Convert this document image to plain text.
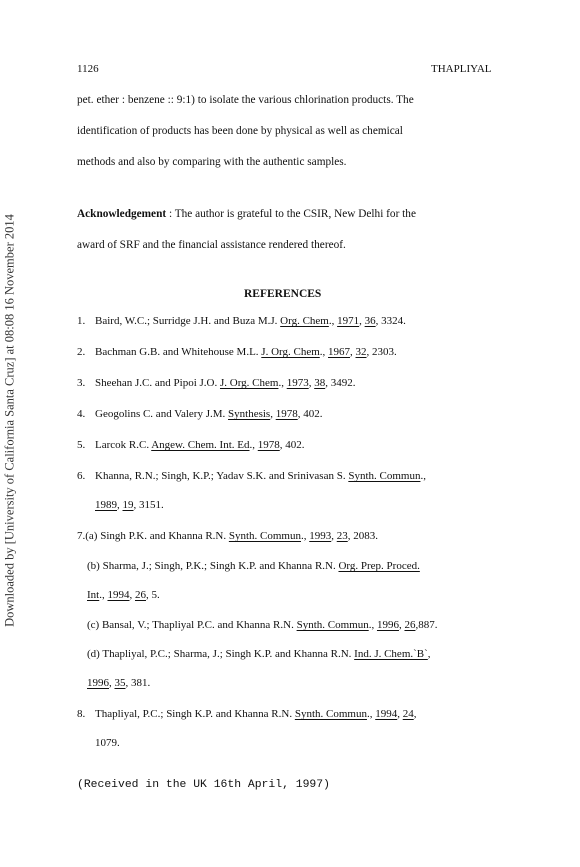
Downloaded by [University of California Santa Cruz] at 08:08 16 November 2014
1126	THAPLIYAL
pet. ether : benzene :: 9:1) to isolate the various chlorination products. The
identification of products has been done by physical as well as chemical
methods and also by comparing with the authentic samples.
Acknowledgement : The author is grateful to the CSIR, New Delhi for the
award of SRF and the financial assistance rendered thereof.
REFERENCES
1. Baird, W.C.; Surridge J.H. and Buza M.J. Org. Chem., 1971, 36, 3324.
2. Bachman G.B. and Whitehouse M.L. J. Org. Chem., 1967, 32, 2303.
3. Sheehan J.C. and Pipoi J.O. J. Org. Chem., 1973, 38, 3492.
4. Geogolins C. and Valery J.M. Synthesis, 1978, 402.
5. Larcok R.C. Angew. Chem. Int. Ed., 1978, 402.
6. Khanna, R.N.; Singh, K.P.; Yadav S.K. and Srinivasan S. Synth. Commun.,
1989, 19, 3151.
7.(a) Singh P.K. and Khanna R.N. Synth. Commun., 1993, 23, 2083.
(b) Sharma, J.; Singh, P.K.; Singh K.P. and Khanna R.N. Org. Prep. Proced.
Int., 1994, 26, 5.
(c) Bansal, V.; Thapliyal P.C. and Khanna R.N. Synth. Commun., 1996, 26,887.
(d) Thapliyal, P.C.; Sharma, J.; Singh K.P. and Khanna R.N. Ind. J. Chem.`B`,
1996, 35, 381.
8. Thapliyal, P.C.; Singh K.P. and Khanna R.N. Synth. Commun., 1994, 24,
1079.
(Received in the UK 16th April, 1997)
